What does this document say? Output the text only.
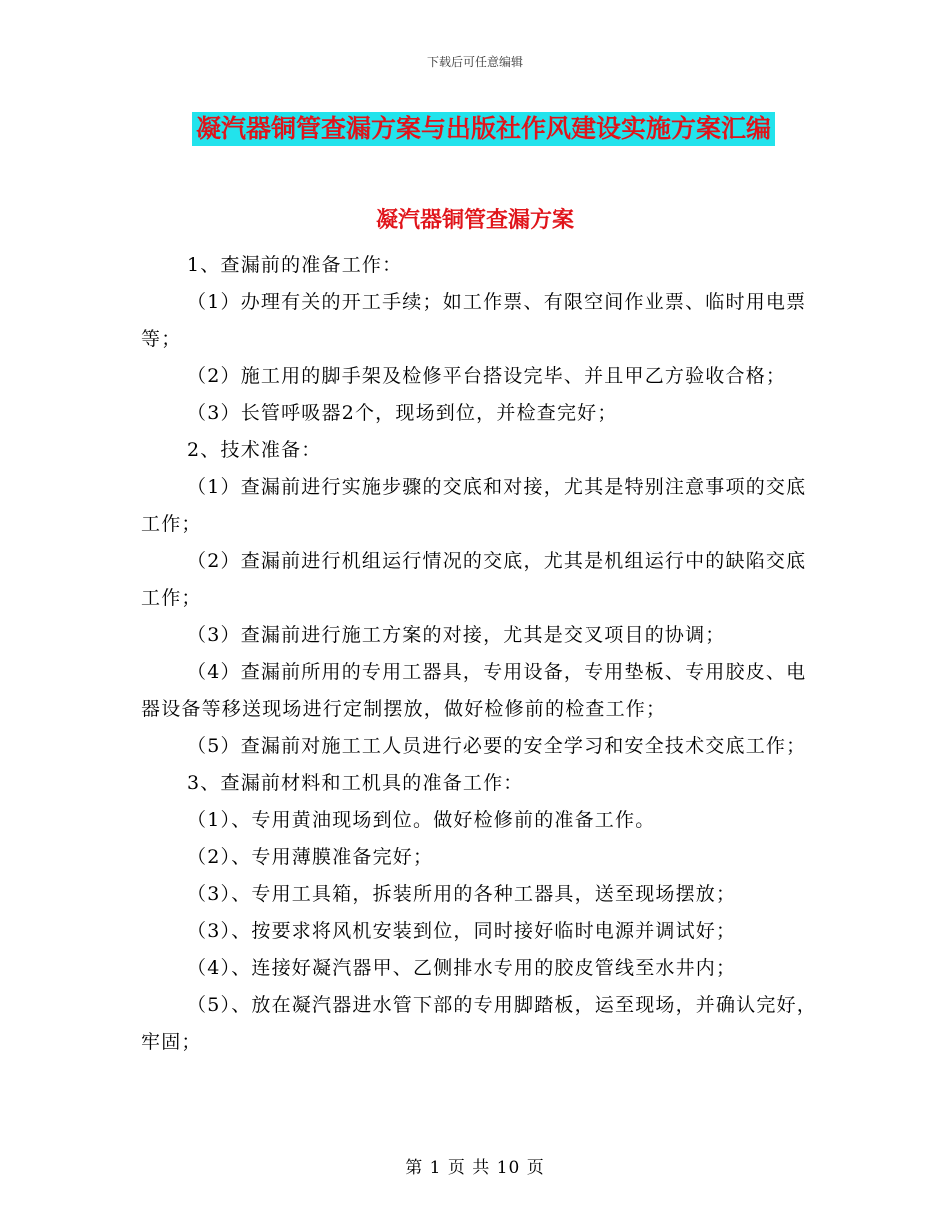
下载后可任意编辑
凝汽器铜管查漏方案与出版社作风建设实施方案汇编
凝汽器铜管查漏方案

1、查漏前的准备工作：

（1）办理有关的开工手续；如工作票、有限空间作业票、临时用电票等；

（2）施工用的脚手架及检修平台搭设完毕、并且甲乙方验收合格；

（3）长管呼吸器2个，现场到位，并检查完好；

2、技术准备：

（1）查漏前进行实施步骤的交底和对接，尤其是特别注意事项的交底工作；

（2）查漏前进行机组运行情况的交底，尤其是机组运行中的缺陷交底工作；

（3）查漏前进行施工方案的对接，尤其是交叉项目的协调；

（4）查漏前所用的专用工器具，专用设备，专用垫板、专用胶皮、电器设备等移送现场进行定制摆放，做好检修前的检查工作；

（5）查漏前对施工工人员进行必要的安全学习和安全技术交底工作；

3、查漏前材料和工机具的准备工作：

（1）、专用黄油现场到位。做好检修前的准备工作。

（2）、专用薄膜准备完好；

（3）、专用工具箱，拆装所用的各种工器具，送至现场摆放；

（3）、按要求将风机安装到位，同时接好临时电源并调试好；

（4）、连接好凝汽器甲、乙侧排水专用的胶皮管线至水井内；

（5）、放在凝汽器进水管下部的专用脚踏板，运至现场，并确认完好，牢固；

第 1 页 共 10 页
